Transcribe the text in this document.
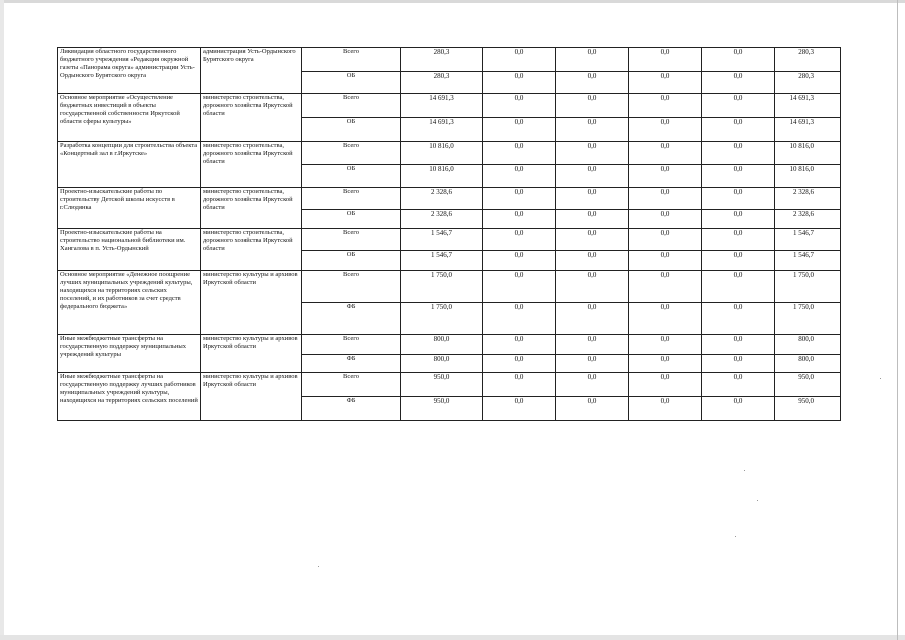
Ликвидация областного государственного бюджетного учреждения «Редакция окружной газеты «Панорама округа» администрации Усть-Ордынского Бурятского округа	администрация Усть-Ордынского Бурятского округа	Всего	280,3	0,0	0,0	0,0	0,0	280,3
		ОБ	280,3	0,0	0,0	0,0	0,0	280,3
Основное мероприятие «Осуществление бюджетных инвестиций в объекты государственной собственности Иркутской области сферы культуры»	министерство строительства, дорожного хозяйства Иркутской области	Всего	14 691,3	0,0	0,0	0,0	0,0	14 691,3
		ОБ	14 691,3	0,0	0,0	0,0	0,0	14 691,3
Разработка концепции для строительства объекта «Концертный зал в г.Иркутске»	министерство строительства, дорожного хозяйства Иркутской области	Всего	10 816,0	0,0	0,0	0,0	0,0	10 816,0
		ОБ	10 816,0	0,0	0,0	0,0	0,0	10 816,0
Проектно-изыскательские работы по строительству Детской школы искусств в г.Слюдянка	министерство строительства, дорожного хозяйства Иркутской области	Всего	2 328,6	0,0	0,0	0,0	0,0	2 328,6
		ОБ	2 328,6	0,0	0,0	0,0	0,0	2 328,6
Проектно-изыскательские работы на строительство национальной библиотеки им. Хангалова в п. Усть-Ордынский	министерство строительства, дорожного хозяйства Иркутской области	Всего	1 546,7	0,0	0,0	0,0	0,0	1 546,7
		ОБ	1 546,7	0,0	0,0	0,0	0,0	1 546,7
Основное мероприятие «Денежное поощрение лучших муниципальных учреждений культуры, находящихся на территориях сельских поселений, и их работников за счет средств федерального бюджета»	министерство культуры и архивов Иркутской области	Всего	1 750,0	0,0	0,0	0,0	0,0	1 750,0
		ФБ	1 750,0	0,0	0,0	0,0	0,0	1 750,0
Иные межбюджетные трансферты на государственную поддержку муниципальных учреждений культуры	министерство культуры и архивов Иркутской области	Всего	800,0	0,0	0,0	0,0	0,0	800,0
		ФБ	800,0	0,0	0,0	0,0	0,0	800,0
Иные межбюджетные трансферты на государственную поддержку лучших работников муниципальных учреждений культуры, находящихся на территориях сельских поселений	министерство культуры и архивов Иркутской области	Всего	950,0	0,0	0,0	0,0	0,0	950,0
		ФБ	950,0	0,0	0,0	0,0	0,0	950,0
